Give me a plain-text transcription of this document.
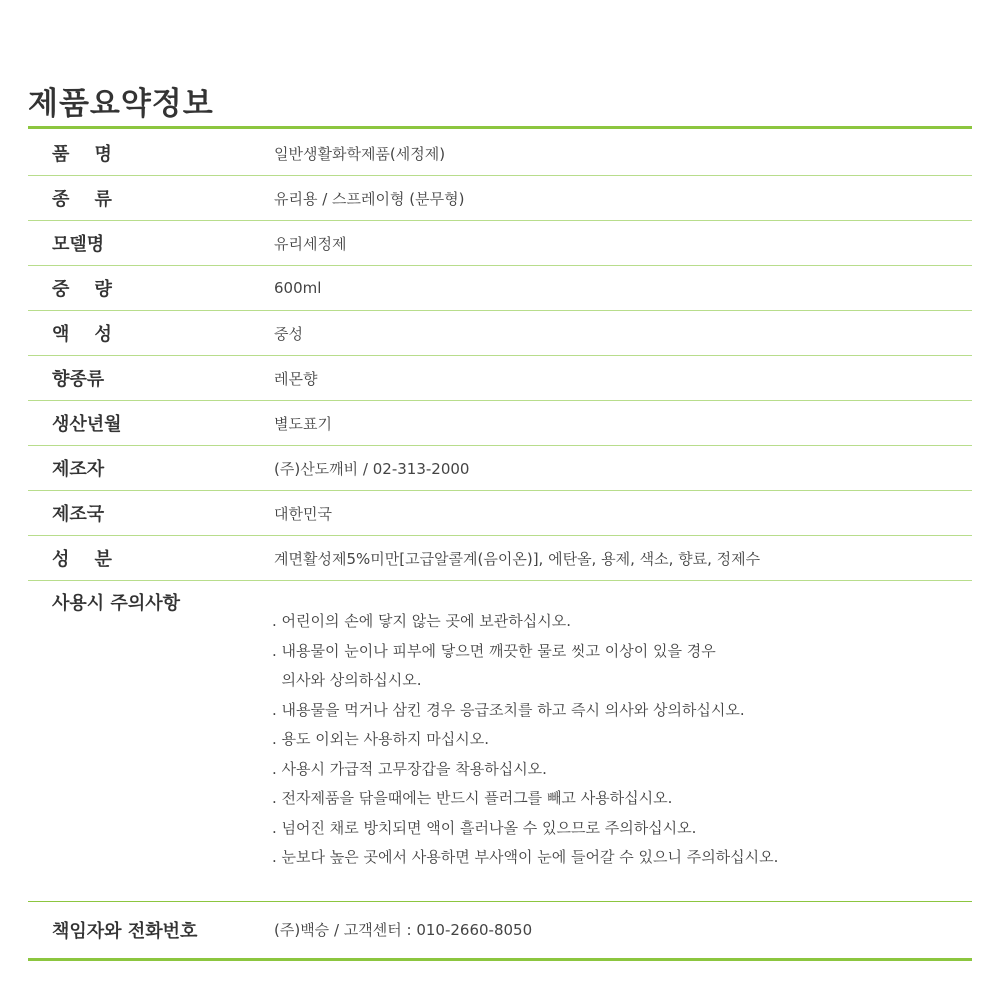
제품요약정보
품    명	일반생활화학제품(세정제)
종    류	유리용 / 스프레이형 (분무형)
모델명	유리세정제
중    량	600ml
액    성	중성
향종류	레몬향
생산년월	별도표기
제조자	(주)산도깨비 / 02-313-2000
제조국	대한민국
성    분	계면활성제5%미만[고급알콜계(음이온)], 에탄올, 용제, 색소, 향료, 정제수
사용시 주의사항
. 어린이의 손에 닿지 않는 곳에 보관하십시오.
. 내용물이 눈이나 피부에 닿으면 깨끗한 물로 씻고 이상이 있을 경우
의사와 상의하십시오.
. 내용물을 먹거나 삼킨 경우 응급조치를 하고 즉시 의사와 상의하십시오.
. 용도 이외는 사용하지 마십시오.
. 사용시 가급적 고무장갑을 착용하십시오.
. 전자제품을 닦을때에는 반드시 플러그를 빼고 사용하십시오.
. 넘어진 채로 방치되면 액이 흘러나올 수 있으므로 주의하십시오.
. 눈보다 높은 곳에서 사용하면 부사액이 눈에 들어갈 수 있으니 주의하십시오.
책임자와 전화번호	(주)백승 / 고객센터 : 010-2660-8050
